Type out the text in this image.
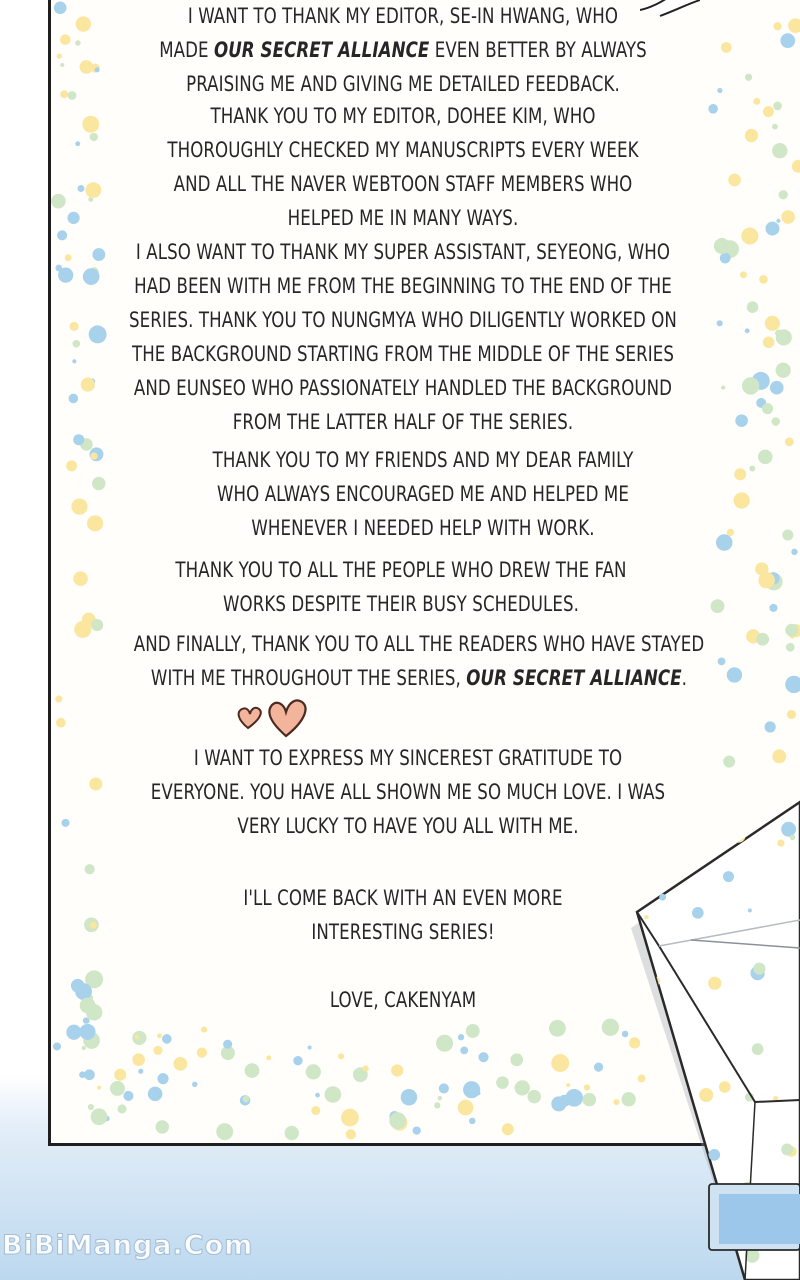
I WANT TO THANK MY EDITOR, SE-IN HWANG, WHO
MADE OUR SECRET ALLIANCE EVEN BETTER BY ALWAYS
PRAISING ME AND GIVING ME DETAILED FEEDBACK.
THANK YOU TO MY EDITOR, DOHEE KIM, WHO
THOROUGHLY CHECKED MY MANUSCRIPTS EVERY WEEK
AND ALL THE NAVER WEBTOON STAFF MEMBERS WHO
HELPED ME IN MANY WAYS.
I ALSO WANT TO THANK MY SUPER ASSISTANT, SEYEONG, WHO
HAD BEEN WITH ME FROM THE BEGINNING TO THE END OF THE
SERIES. THANK YOU TO NUNGMYA WHO DILIGENTLY WORKED ON
THE BACKGROUND STARTING FROM THE MIDDLE OF THE SERIES
AND EUNSEO WHO PASSIONATELY HANDLED THE BACKGROUND
FROM THE LATTER HALF OF THE SERIES.
THANK YOU TO MY FRIENDS AND MY DEAR FAMILY
WHO ALWAYS ENCOURAGED ME AND HELPED ME
WHENEVER I NEEDED HELP WITH WORK.
THANK YOU TO ALL THE PEOPLE WHO DREW THE FAN
WORKS DESPITE THEIR BUSY SCHEDULES.
AND FINALLY, THANK YOU TO ALL THE READERS WHO HAVE STAYED
WITH ME THROUGHOUT THE SERIES, OUR SECRET ALLIANCE.
I WANT TO EXPRESS MY SINCEREST GRATITUDE TO
EVERYONE. YOU HAVE ALL SHOWN ME SO MUCH LOVE. I WAS
VERY LUCKY TO HAVE YOU ALL WITH ME.
I'LL COME BACK WITH AN EVEN MORE
INTERESTING SERIES!
LOVE, CAKENYAM
BiBiManga.Com
